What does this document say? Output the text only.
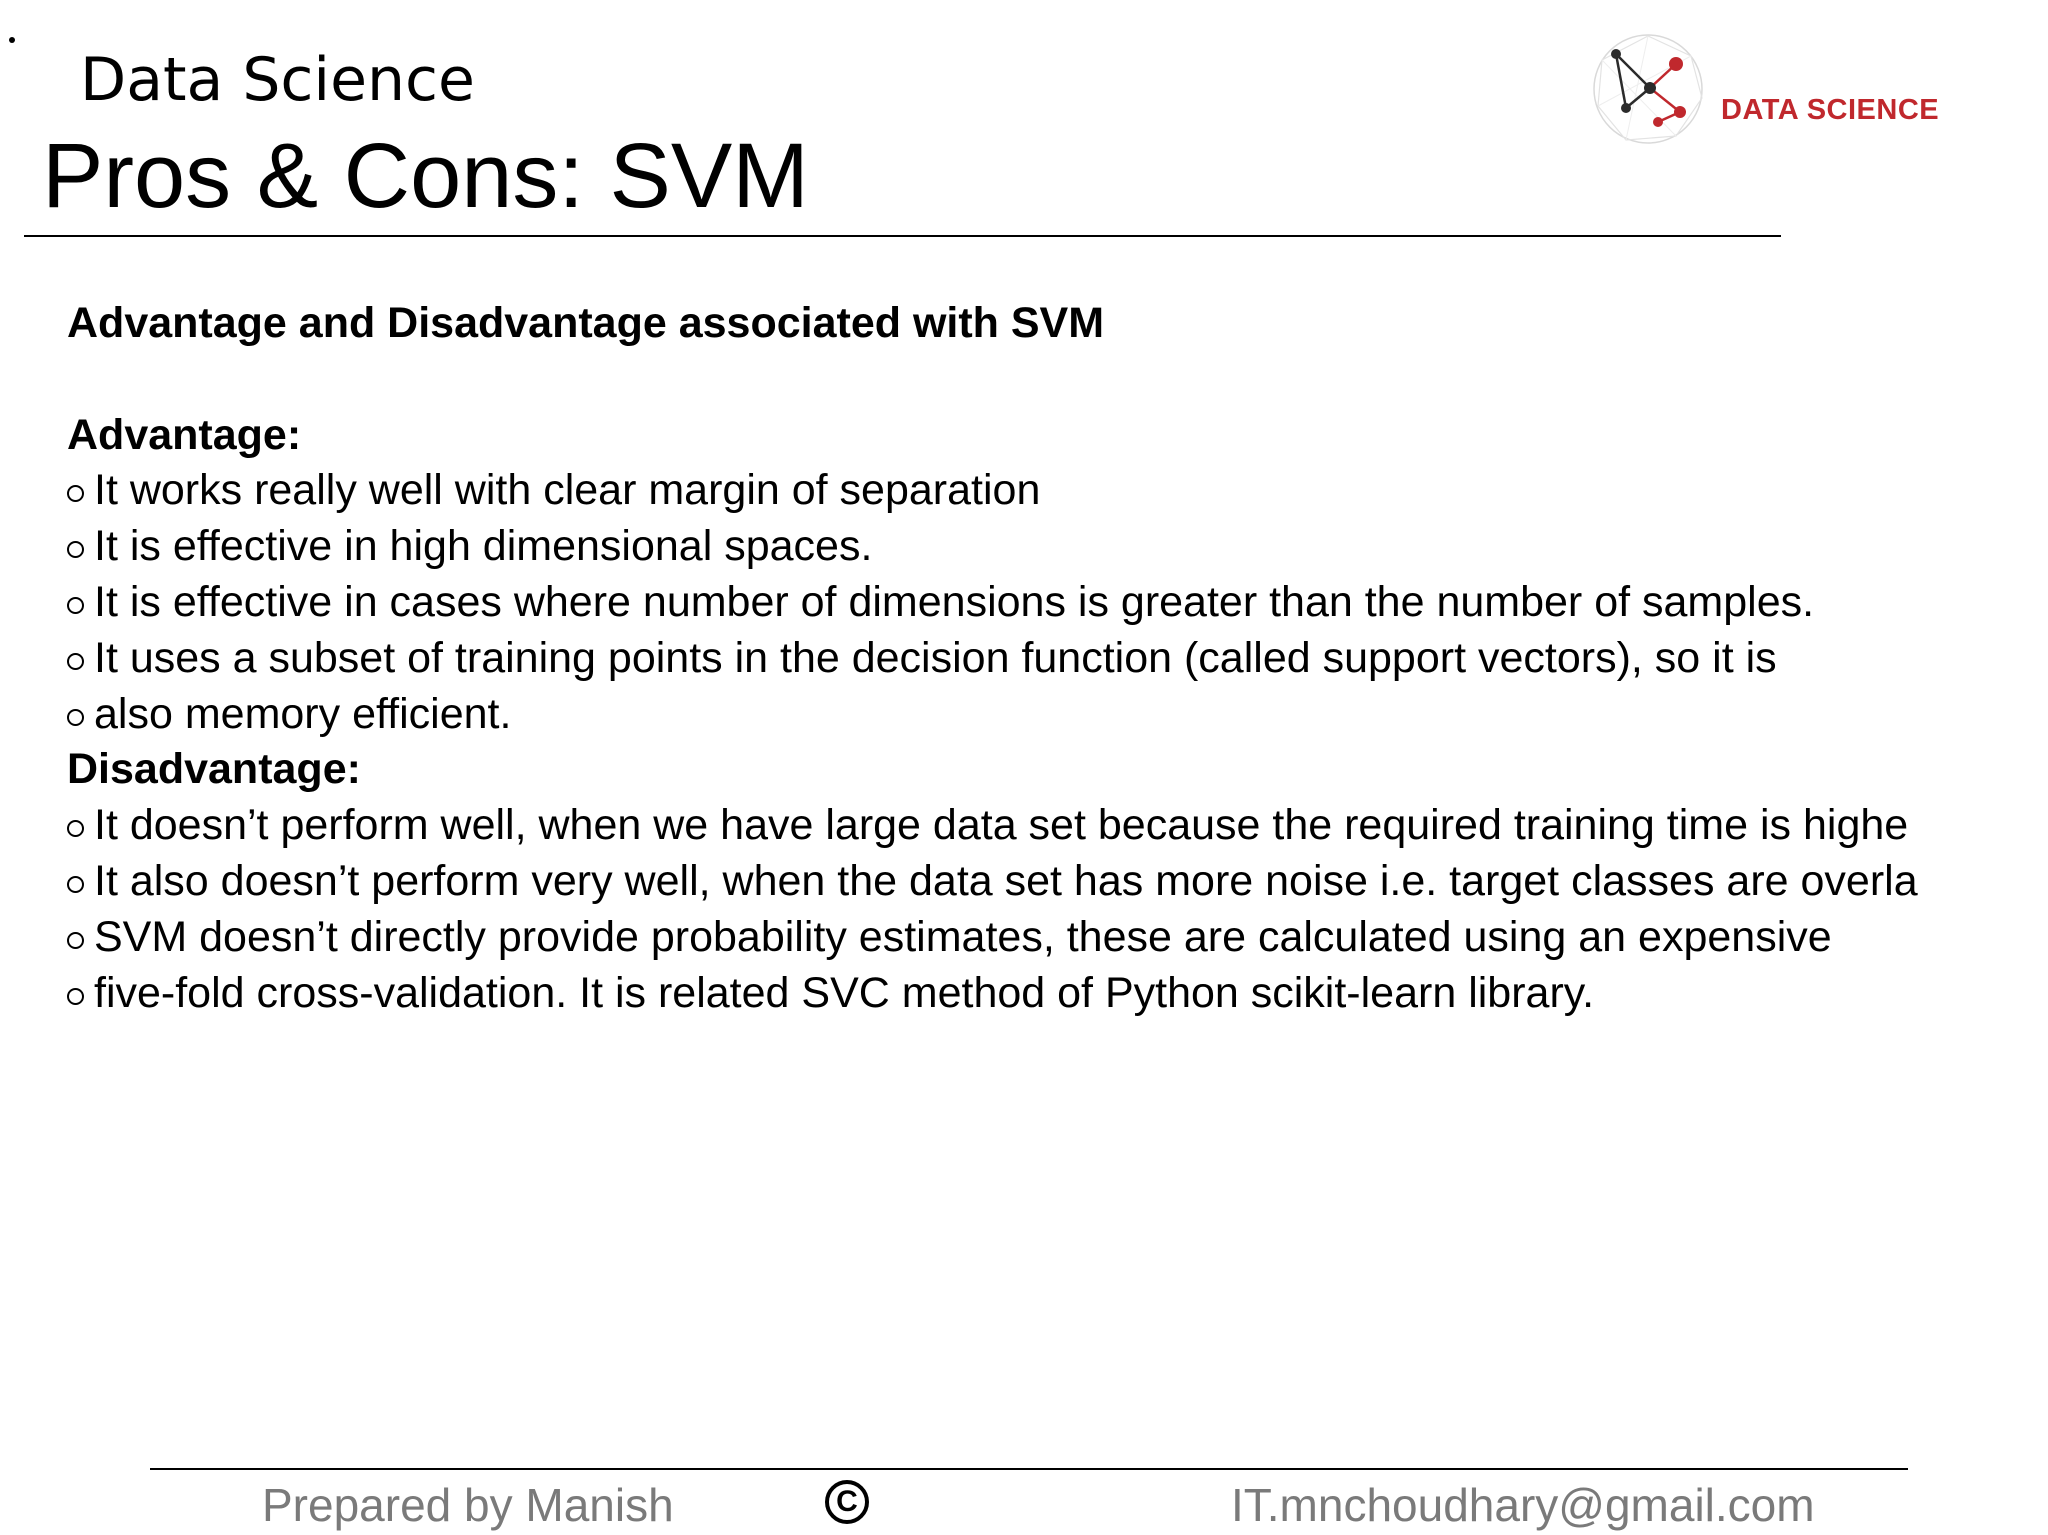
Data Science
Pros & Cons: SVM
DATA SCIENCE
Advantage and Disadvantage associated with SVM
Advantage:
It works really well with clear margin of separation
It is effective in high dimensional spaces.
It is effective in cases where number of dimensions is greater than the number of samples.
It uses a subset of training points in the decision function (called support vectors), so it is
also memory efficient.
Disadvantage:
It doesn’t perform well, when we have large data set because the required training time is highe
It also doesn’t perform very well, when the data set has more noise i.e. target classes are overla
SVM doesn’t directly provide probability estimates, these are calculated using an expensive
five-fold cross-validation. It is related SVC method of Python scikit-learn library.
Prepared by Manish	C	IT.mnchoudhary@gmail.com
